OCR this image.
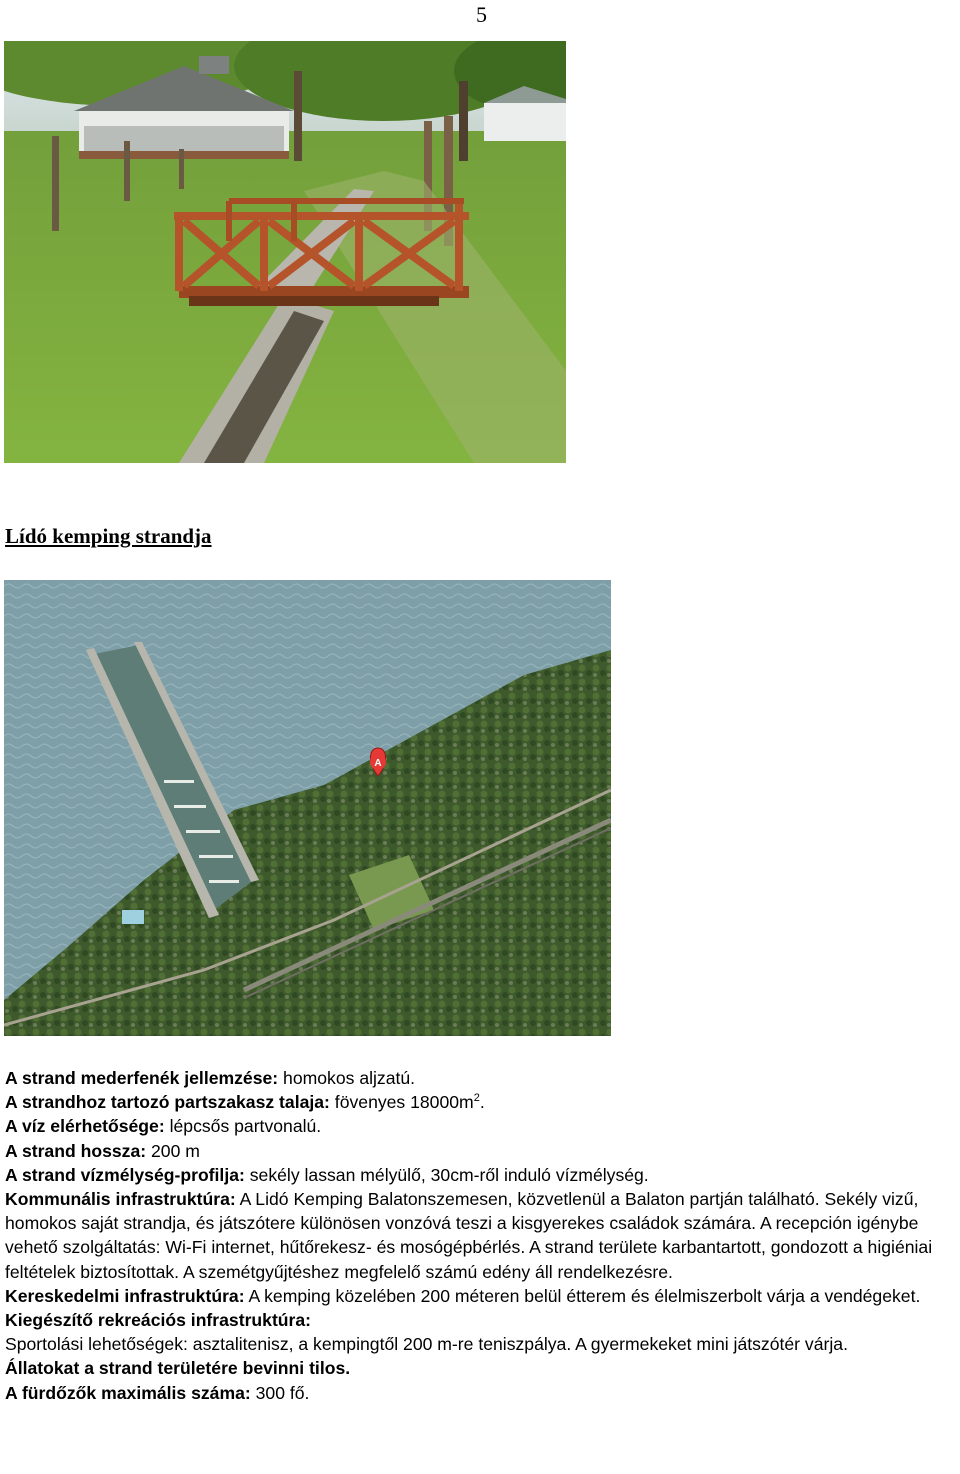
5
Lídó kemping strandja
A

A strand mederfenék jellemzése: homokos aljzatú.

A strandhoz tartozó partszakasz talaja: fövenyes $18000m^2$.

A víz elérhetősége: lépcsős partvonalú.

A strand hossza: 200 m

A strand vízmélység-profilja: sekély lassan mélyülő, 30cm-ről induló vízmélység.

Kommunális infrastruktúra: A Lidó Kemping Balatonszemesen, közvetlenül a Balaton partján található. Sekély vizű, homokos saját strandja, és játszótere különösen vonzóvá teszi a kisgyerekes családok számára. A recepción igénybe vehető szolgáltatás: Wi-Fi internet, hűtőrekesz- és mosógépbérlés. A strand területe karbantartott, gondozott a higiéniai feltételek biztosítottak. A szemétgyűjtéshez megfelelő számú edény áll rendelkezésre.

Kereskedelmi infrastruktúra: A kemping közelében 200 méteren belül étterem és élelmiszerbolt várja a vendégeket.

Kiegészítő rekreációs infrastruktúra:

Sportolási lehetőségek: asztalitenisz, a kempingtől 200 m-re teniszpálya. A gyermekeket mini játszótér várja.

Állatokat a strand területére bevinni tilos.

A fürdőzők maximális száma: 300 fő.
